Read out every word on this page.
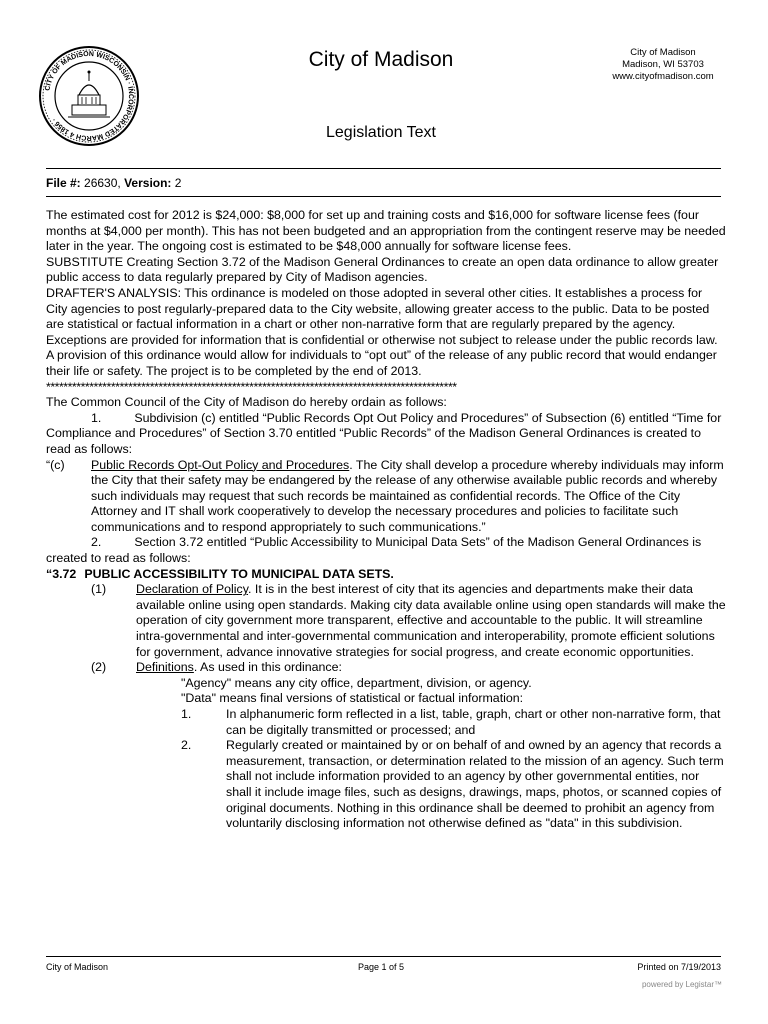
CITY OF MADISON WISCONSIN · INCORPORATED MARCH 4 1856 ·
City of Madison	City of Madison
Madison, WI 53703
www.cityofmadison.com
Legislation Text
File #: 26630, Version: 2

The estimated cost for 2012 is $24,000: $8,000 for set up and training costs and $16,000 for software license fees (four months at $4,000 per month). This has not been budgeted and an appropriation from the contingent reserve may be needed later in the year. The ongoing cost is estimated to be $48,000 annually for software license fees.

SUBSTITUTE Creating Section 3.72 of the Madison General Ordinances to create an open data ordinance to allow greater public access to data regularly prepared by City of Madison agencies.

DRAFTER'S ANALYSIS: This ordinance is modeled on those adopted in several other cities. It establishes a process for City agencies to post regularly-prepared data to the City website, allowing greater access to the public. Data to be posted are statistical or factual information in a chart or other non-narrative form that are regularly prepared by the agency. Exceptions are provided for information that is confidential or otherwise not subject to release under the public records law. A provision of this ordinance would allow for individuals to “opt out” of the release of any public record that would endanger their life or safety. The project is to be completed by the end of 2013.

***********************************************************************************************

The Common Council of the City of Madison do hereby ordain as follows:

1.	Subdivision (c) entitled “Public Records Opt Out Policy and Procedures” of Subsection (6) entitled “Time for Compliance and Procedures” of Section 3.70 entitled “Public Records” of the Madison General Ordinances is created to read as follows:

“(c)	Public Records Opt-Out Policy and Procedures. The City shall develop a procedure whereby individuals may inform the City that their safety may be endangered by the release of any otherwise available public records and whereby such individuals may request that such records be maintained as confidential records. The Office of the City Attorney and IT shall work cooperatively to develop the necessary procedures and policies to facilitate such communications and to respond appropriately to such communications.”

2.	Section 3.72 entitled “Public Accessibility to Municipal Data Sets” of the Madison General Ordinances is created to read as follows:

“3.72 PUBLIC ACCESSIBILITY TO MUNICIPAL DATA SETS.

(1)	Declaration of Policy. It is in the best interest of city that its agencies and departments make their data available online using open standards. Making city data available online using open standards will make the operation of city government more transparent, effective and accountable to the public. It will streamline intra-governmental and inter-governmental communication and interoperability, promote efficient solutions for government, advance innovative strategies for social progress, and create economic opportunities.
(2)	Definitions. As used in this ordinance:

"Agency" means any city office, department, division, or agency.

"Data" means final versions of statistical or factual information:

1.	In alphanumeric form reflected in a list, table, graph, chart or other non-narrative form, that can be digitally transmitted or processed; and
2.	Regularly created or maintained by or on behalf of and owned by an agency that records a measurement, transaction, or determination related to the mission of an agency. Such term shall not include information provided to an agency by other governmental entities, nor shall it include image files, such as designs, drawings, maps, photos, or scanned copies of original documents. Nothing in this ordinance shall be deemed to prohibit an agency from voluntarily disclosing information not otherwise defined as "data" in this subdivision.
City of Madison	Page 1 of 5	Printed on 7/19/2013
powered by Legistar™
